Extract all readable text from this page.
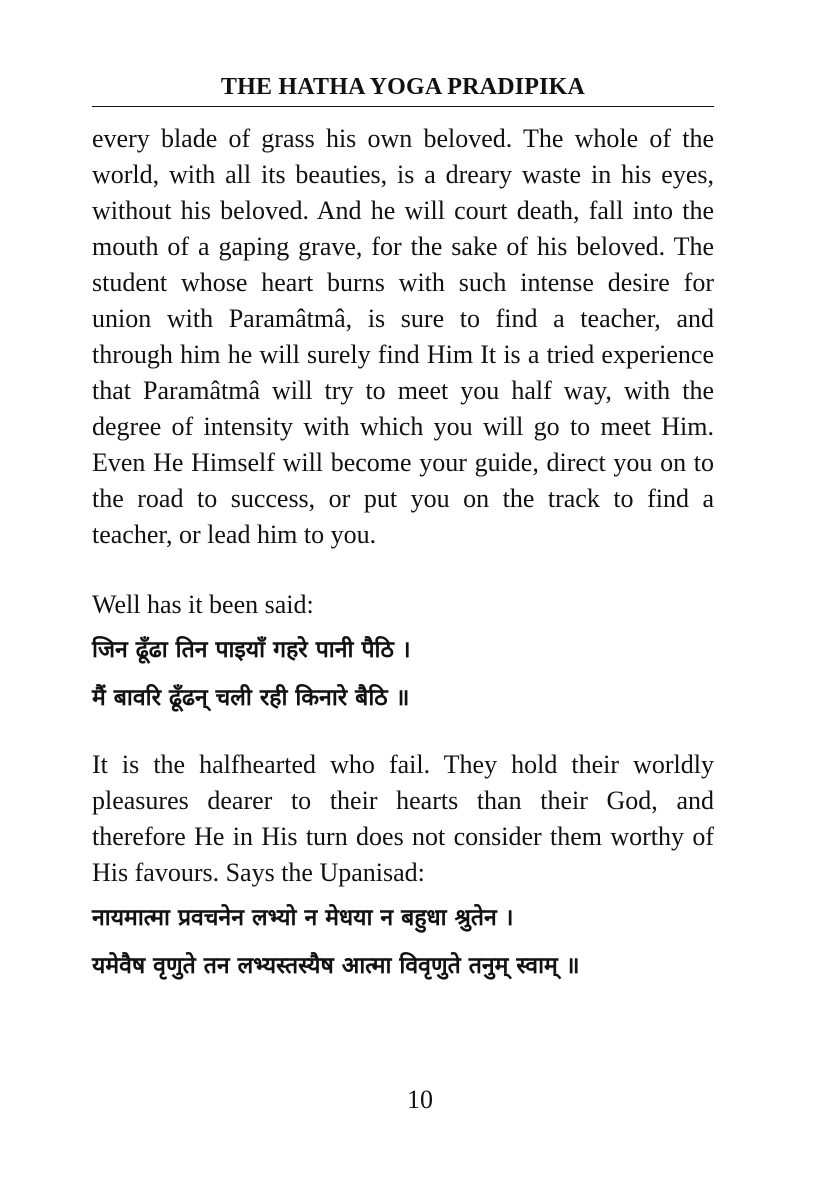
THE HATHA YOGA PRADIPIKA

every blade of grass his own beloved. The whole of the world, with all its beauties, is a dreary waste in his eyes, without his beloved. And he will court death, fall into the mouth of a gaping grave, for the sake of his beloved. The student whose heart burns with such intense desire for union with Paramâtmâ, is sure to find a teacher, and through him he will surely find Him It is a tried experience that Paramâtmâ will try to meet you half way, with the degree of intensity with which you will go to meet Him. Even He Himself will become your guide, direct you on to the road to success, or put you on the track to find a teacher, or lead him to you.

Well has it been said:

जिन ढूँढा तिन पाइयाँ गहरे पानी पैठि ।

मैं बावरि ढूँढन् चली रही किनारे बैठि ॥

It is the halfhearted who fail. They hold their worldly pleasures dearer to their hearts than their God, and therefore He in His turn does not consider them worthy of His favours. Says the Upanisad:

नायमात्मा प्रवचनेन लभ्यो न मेधया न बहुधा श्रुतेन ।

यमेवैष वृणुते तन लभ्यस्तस्यैष आत्मा विवृणुते तनुम् स्वाम् ॥

10
